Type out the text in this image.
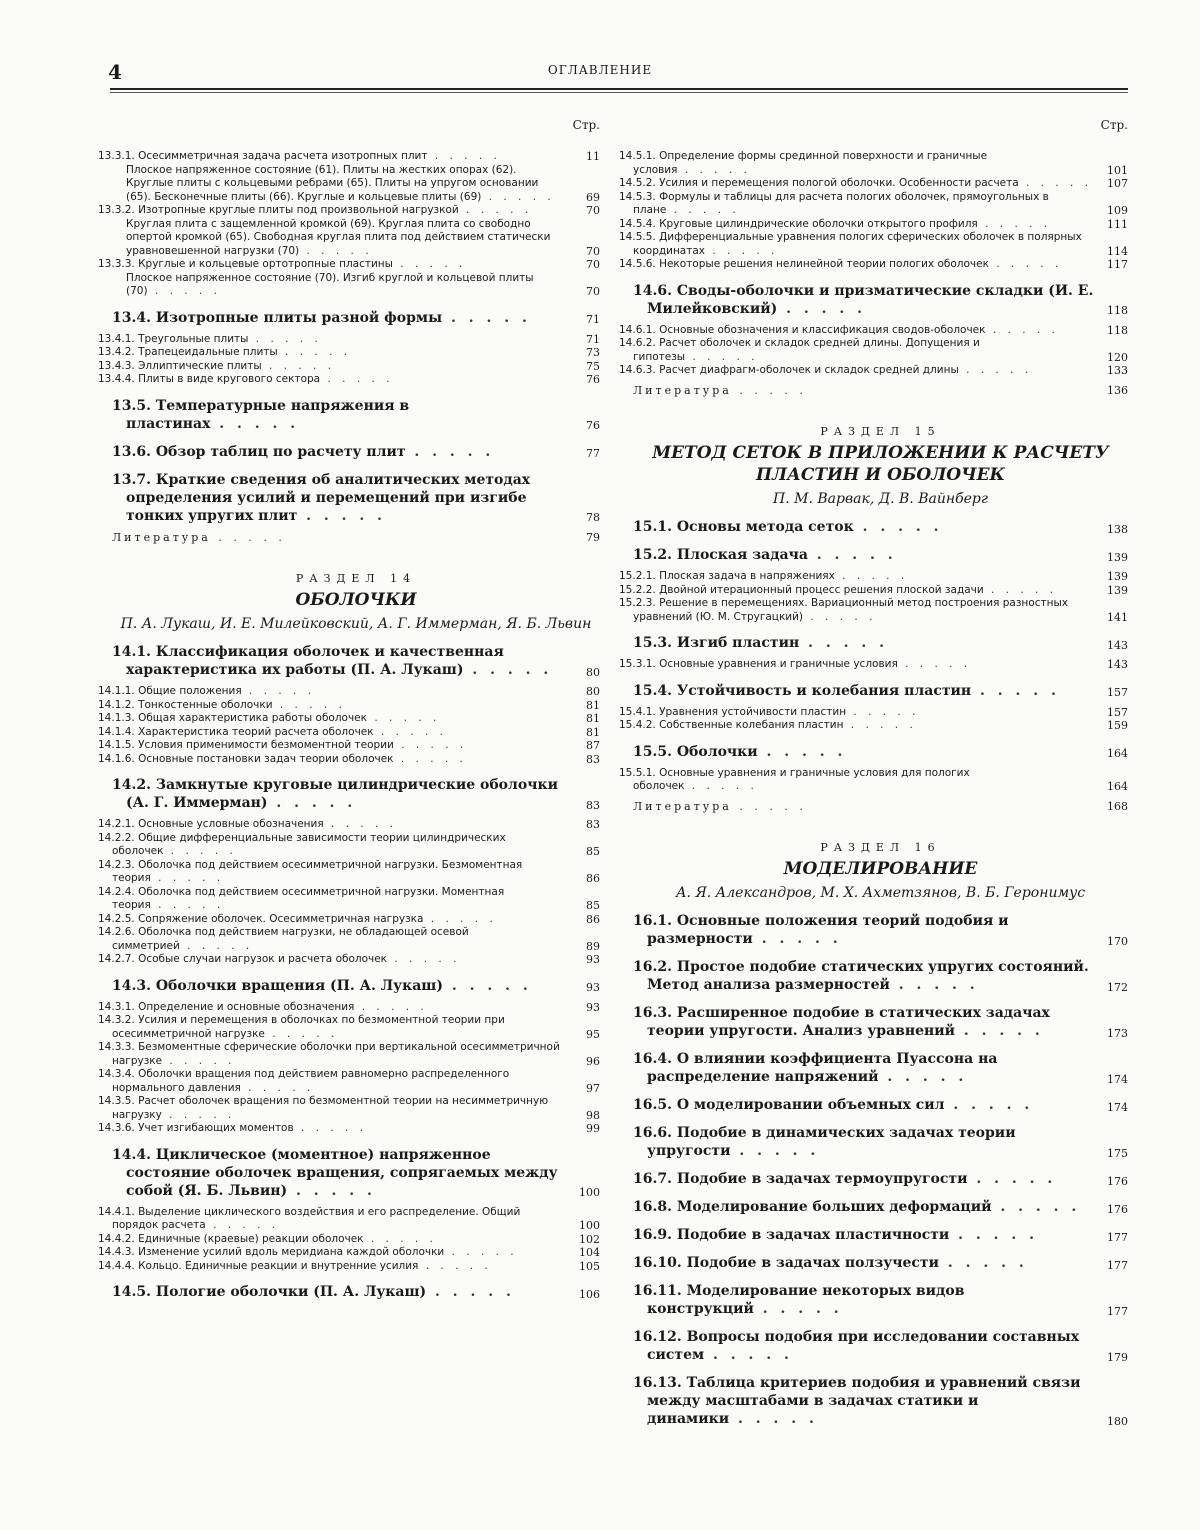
4	ОГЛАВЛЕНИЕ
Стр.
13.3.1. Осесимметричная задача расчета изотропных плит . . . . .	11
Плоское напряженное состояние (61). Плиты на жестких опорах (62). Круглые плиты с кольцевыми ребрами (65). Плиты на упругом основании (65). Бесконечные плиты (66). Круглые и кольцевые плиты (69) . . . . .	69
13.3.2. Изотропные круглые плиты под произвольной нагрузкой . . . . .	70
Круглая плита с защемленной кромкой (69). Круглая плита со свободно опертой кромкой (65). Свободная круглая плита под действием статически уравновешенной нагрузки (70) . . . . .	70
13.3.3. Круглые и кольцевые ортотропные пластины . . . . .	70
Плоское напряженное состояние (70). Изгиб круглой и кольцевой плиты (70) . . . . .	70
13.4. Изотропные плиты разной формы . . . . .	71
13.4.1. Треугольные плиты . . . . .	71
13.4.2. Трапецеидальные плиты . . . . .	73
13.4.3. Эллиптические плиты . . . . .	75
13.4.4. Плиты в виде кругового сектора . . . . .	76
13.5. Температурные напряжения в пластинах . . . . .	76
13.6. Обзор таблиц по расчету плит . . . . .	77
13.7. Краткие сведения об аналитических методах определения усилий и перемещений при изгибе тонких упругих плит . . . . .	78
Литература . . . . .	79
РАЗДЕЛ 14
ОБОЛОЧКИ
П. А. Лукаш, И. Е. Милейковский, А. Г. Иммерман, Я. Б. Львин
14.1. Классификация оболочек и качественная характеристика их работы (П. А. Лукаш) . . . . .	80
14.1.1. Общие положения . . . . .	80
14.1.2. Тонкостенные оболочки . . . . .	81
14.1.3. Общая характеристика работы оболочек . . . . .	81
14.1.4. Характеристика теорий расчета оболочек . . . . .	81
14.1.5. Условия применимости безмоментной теории . . . . .	87
14.1.6. Основные постановки задач теории оболочек . . . . .	83
14.2. Замкнутые круговые цилиндрические оболочки (А. Г. Иммерман) . . . . .	83
14.2.1. Основные условные обозначения . . . . .	83
14.2.2. Общие дифференциальные зависимости теории цилиндрических оболочек . . . . .	85
14.2.3. Оболочка под действием осесимметричной нагрузки. Безмоментная теория . . . . .	86
14.2.4. Оболочка под действием осесимметричной нагрузки. Моментная теория . . . . .	85
14.2.5. Сопряжение оболочек. Осесимметричная нагрузка . . . . .	86
14.2.6. Оболочка под действием нагрузки, не обладающей осевой симметрией . . . . .	89
14.2.7. Особые случаи нагрузок и расчета оболочек . . . . .	93
14.3. Оболочки вращения (П. А. Лукаш) . . . . .	93
14.3.1. Определение и основные обозначения . . . . .	93
14.3.2. Усилия и перемещения в оболочках по безмоментной теории при осесимметричной нагрузке . . . . .	95
14.3.3. Безмоментные сферические оболочки при вертикальной осесимметричной нагрузке . . . . .	96
14.3.4. Оболочки вращения под действием равномерно распределенного нормального давления . . . . .	97
14.3.5. Расчет оболочек вращения по безмоментной теории на несимметричную нагрузку . . . . .	98
14.3.6. Учет изгибающих моментов . . . . .	99
14.4. Циклическое (моментное) напряженное состояние оболочек вращения, сопрягаемых между собой (Я. Б. Львин) . . . . .	100
14.4.1. Выделение циклического воздействия и его распределение. Общий порядок расчета . . . . .	100
14.4.2. Единичные (краевые) реакции оболочек . . . . .	102
14.4.3. Изменение усилий вдоль меридиана каждой оболочки . . . . .	104
14.4.4. Кольцо. Единичные реакции и внутренние усилия . . . . .	105
14.5. Пологие оболочки (П. А. Лукаш) . . . . .	106
Стр.
14.5.1. Определение формы срединной поверхности и граничные условия . . . . .	101
14.5.2. Усилия и перемещения пологой оболочки. Особенности расчета . . . . .	107
14.5.3. Формулы и таблицы для расчета пологих оболочек, прямоугольных в плане . . . . .	109
14.5.4. Круговые цилиндрические оболочки открытого профиля . . . . .	111
14.5.5. Дифференциальные уравнения пологих сферических оболочек в полярных координатах . . . . .	114
14.5.6. Некоторые решения нелинейной теории пологих оболочек . . . . .	117
14.6. Своды-оболочки и призматические складки (И. Е. Милейковский) . . . . .	118
14.6.1. Основные обозначения и классификация сводов-оболочек . . . . .	118
14.6.2. Расчет оболочек и складок средней длины. Допущения и гипотезы . . . . .	120
14.6.3. Расчет диафрагм-оболочек и складок средней длины . . . . .	133
Литература . . . . .	136
РАЗДЕЛ 15
МЕТОД СЕТОК В ПРИЛОЖЕНИИ К РАСЧЕТУ ПЛАСТИН И ОБОЛОЧЕК
П. М. Варвак, Д. В. Вайнберг
15.1. Основы метода сеток . . . . .	138
15.2. Плоская задача . . . . .	139
15.2.1. Плоская задача в напряжениях . . . . .	139
15.2.2. Двойной итерационный процесс решения плоской задачи . . . . .	139
15.2.3. Решение в перемещениях. Вариационный метод построения разностных уравнений (Ю. М. Стругацкий) . . . . .	141
15.3. Изгиб пластин . . . . .	143
15.3.1. Основные уравнения и граничные условия . . . . .	143
15.4. Устойчивость и колебания пластин . . . . .	157
15.4.1. Уравнения устойчивости пластин . . . . .	157
15.4.2. Собственные колебания пластин . . . . .	159
15.5. Оболочки . . . . .	164
15.5.1. Основные уравнения и граничные условия для пологих оболочек . . . . .	164
Литература . . . . .	168
РАЗДЕЛ 16
МОДЕЛИРОВАНИЕ
А. Я. Александров, М. Х. Ахметзянов, В. Б. Геронимус
16.1. Основные положения теорий подобия и размерности . . . . .	170
16.2. Простое подобие статических упругих состояний. Метод анализа размерностей . . . . .	172
16.3. Расширенное подобие в статических задачах теории упругости. Анализ уравнений . . . . .	173
16.4. О влиянии коэффициента Пуассона на распределение напряжений . . . . .	174
16.5. О моделировании объемных сил . . . . .	174
16.6. Подобие в динамических задачах теории упругости . . . . .	175
16.7. Подобие в задачах термоупругости . . . . .	176
16.8. Моделирование больших деформаций . . . . .	176
16.9. Подобие в задачах пластичности . . . . .	177
16.10. Подобие в задачах ползучести . . . . .	177
16.11. Моделирование некоторых видов конструкций . . . . .	177
16.12. Вопросы подобия при исследовании составных систем . . . . .	179
16.13. Таблица критериев подобия и уравнений связи между масштабами в задачах статики и динамики . . . . .	180
